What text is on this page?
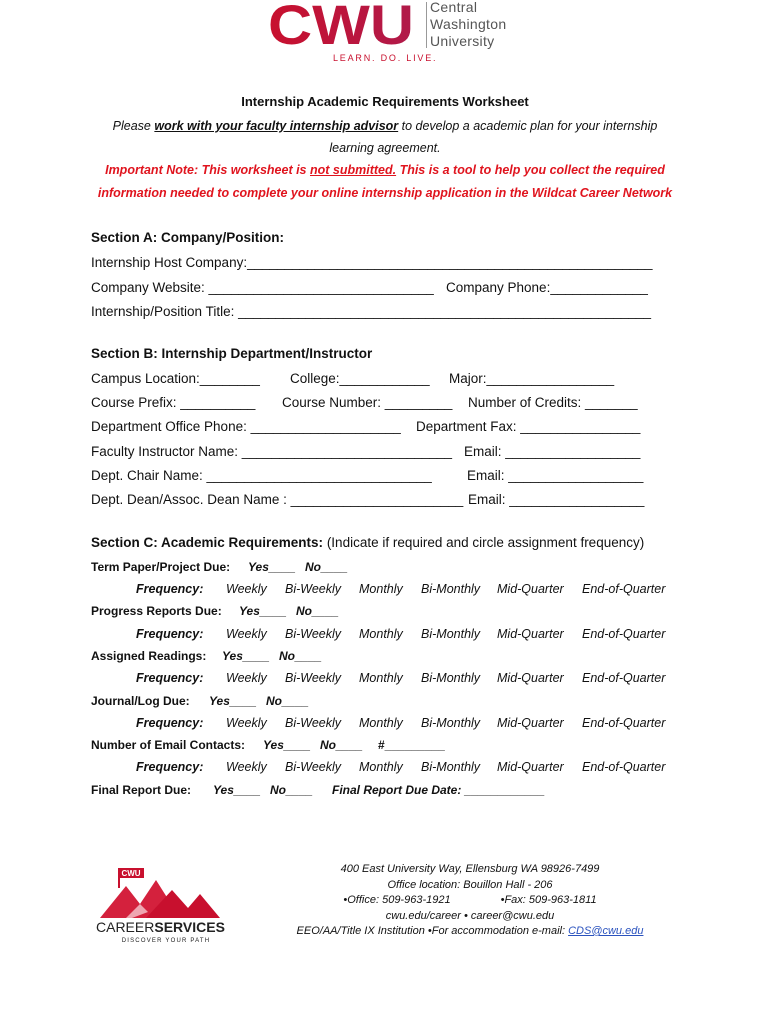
CWU Central
Washington
University
LEARN. DO. LIVE.
Internship Academic Requirements Worksheet
Please work with your faculty internship advisor to develop a academic plan for your internship
learning agreement.
Important Note: This worksheet is not submitted. This is a tool to help you collect the required
information needed to complete your online internship application in the Wildcat Career Network
Section A: Company/Position:
Internship Host Company:______________________________________________________
Company Website: ______________________________ Company Phone:_____________
Internship/Position Title: _______________________________________________________
Section B: Internship Department/Instructor
Campus Location:________ College:____________ Major:_________________
Course Prefix: __________ Course Number: _________ Number of Credits: _______
Department Office Phone: ____________________ Department Fax: ________________
Faculty Instructor Name: ____________________________ Email: __________________
Dept. Chair Name: ______________________________	Email: __________________
Dept. Dean/Assoc. Dean Name : _______________________ Email: __________________
Section C: Academic Requirements: (Indicate if required and circle assignment frequency)
Term Paper/Project Due: Yes____ No____
Frequency: Weekly Bi-Weekly Monthly Bi-Monthly Mid-Quarter End-of-Quarter
Progress Reports Due: Yes____ No____
Frequency: Weekly Bi-Weekly Monthly Bi-Monthly Mid-Quarter End-of-Quarter
Assigned Readings: Yes____ No____
Frequency: Weekly Bi-Weekly Monthly Bi-Monthly Mid-Quarter End-of-Quarter
Journal/Log Due: Yes____ No____
Frequency: Weekly Bi-Weekly Monthly Bi-Monthly Mid-Quarter End-of-Quarter
Number of Email Contacts: Yes____ No____ #_________
Frequency: Weekly Bi-Weekly Monthly Bi-Monthly Mid-Quarter End-of-Quarter
Final Report Due: Yes____ No____ Final Report Due Date: ____________
CWU
CAREERSERVICES
DISCOVER YOUR PATH
400 East University Way, Ellensburg WA 98926-7499
Office location: Bouillon Hall - 206
•Office: 509-963-1921	•Fax: 509-963-1811
cwu.edu/career • career@cwu.edu
EEO/AA/Title IX Institution •For accommodation e-mail: CDS@cwu.edu
